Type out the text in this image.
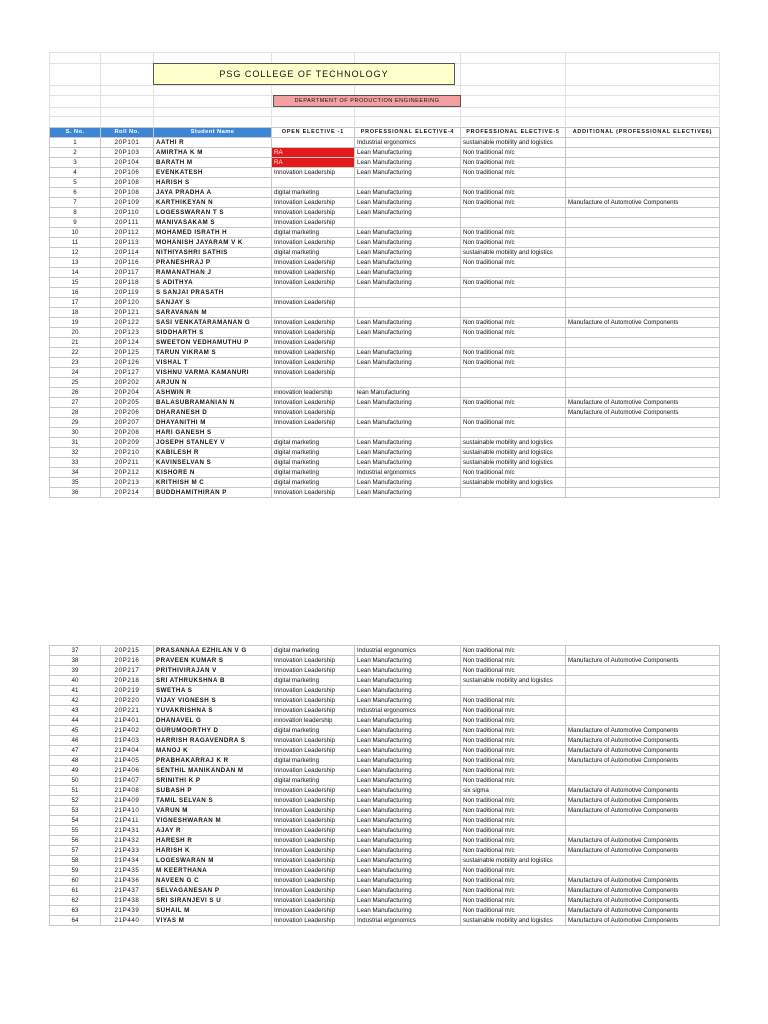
PSG COLLEGE OF TECHNOLOGY
DEPARTMENT OF PRODUCTION ENGINEERING
S. No.	Roll No.	Student Name	OPEN ELECTIVE -1	PROFESSIONAL ELECTIVE-4	PROFESSIONAL ELECTIVE-5	ADDITIONAL (PROFESSIONAL ELECTIVE6)
1	20P101	AATHI R		Industrial ergonomics	sustainable mobility and logistics	
2	20P103	AMIRTHA K M	RA	Lean Manufacturing	Non traditional m/c	
3	20P104	BARATH M	RA	Lean Manufacturing	Non traditional m/c	
4	20P106	EVENKATESH	Innovation Leadership	Lean Manufacturing	Non traditional m/c	
5	20P108	HARISH S				
6	20P108	JAYA PRADHA A	digital marketing	Lean Manufacturing	Non traditional m/c	
7	20P109	KARTHIKEYAN N	Innovation Leadership	Lean Manufacturing	Non traditional m/c	Manufacture of Automotive Components
8	20P110	LOGESSWARAN T S	Innovation Leadership	Lean Manufacturing		
9	20P111	MANIVASAKAM S	Innovation Leadership			
10	20P112	MOHAMED ISRATH H	digital marketing	Lean Manufacturing	Non traditional m/c	
11	20P113	MOHANISH JAYARAM V K	Innovation Leadership	Lean Manufacturing	Non traditional m/c	
12	20P114	NITHIYASHRI SATHIS	digital marketing	Lean Manufacturing	sustainable mobility and logistics	
13	20P116	PRANESHRAJ P	Innovation Leadership	Lean Manufacturing	Non traditional m/c	
14	20P117	RAMANATHAN J	Innovation Leadership	Lean Manufacturing		
15	20P118	S ADITHYA	Innovation Leadership	Lean Manufacturing	Non traditional m/c	
16	20P119	S SANJAI PRASATH				
17	20P120	SANJAY S	Innovation Leadership			
18	20P121	SARAVANAN M				
19	20P122	SASI VENKATARAMANAN G	Innovation Leadership	Lean Manufacturing	Non traditional m/c	Manufacture of Automotive Components
20	20P123	SIDDHARTH S	Innovation Leadership	Lean Manufacturing	Non traditional m/c	
21	20P124	SWEETON VEDHAMUTHU P	Innovation Leadership			
22	20P125	TARUN VIKRAM S	Innovation Leadership	Lean Manufacturing	Non traditional m/c	
23	20P126	VISHAL T	Innovation Leadership	Lean Manufacturing	Non traditional m/c	
24	20P127	VISHNU VARMA KAMANURI	Innovation Leadership			
25	20P202	ARJUN N				
26	20P204	ASHWIN R	innovation leadership	lean Manufacturing		
27	20P205	BALASUBRAMANIAN N	Innovation Leadership	Lean Manufacturing	Non traditional m/c	Manufacture of Automotive Components
28	20P206	DHARANESH D	Innovation Leadership			Manufacture of Automotive Components
29	20P207	DHAYANITHI M	Innovation Leadership	Lean Manufacturing	Non traditional m/c	
30	20P208	HARI GANESH S				
31	20P209	JOSEPH STANLEY V	digital marketing	Lean Manufacturing	sustainable mobility and logistics	
32	20P210	KABILESH R	digital marketing	Lean Manufacturing	sustainable mobility and logistics	
33	20P211	KAVINSELVAN S	digital marketing	Lean Manufacturing	sustainable mobility and logistics	
34	20P212	KISHORE N	digital marketing	Industrial ergonomics	Non traditional m/c	
35	20P213	KRITHISH M C	digital marketing	Lean Manufacturing	sustainable mobility and logistics	
36	20P214	BUDDHAMITHIRAN P	Innovation Leadership	Lean Manufacturing		
37	20P215	PRASANNAA EZHILAN V G	digital marketing	Industrial ergonomics	Non traditional m/c	
38	20P216	PRAVEEN KUMAR S	Innovation Leadership	Lean Manufacturing	Non traditional m/c	Manufacture of Automotive Components
39	20P217	PRITHIVIRAJAN V	Innovation Leadership	Lean Manufacturing	Non traditional m/c	
40	20P218	SRI ATHRUKSHNA B	digital marketing	Lean Manufacturing	sustainable mobility and logistics	
41	20P219	SWETHA S	Innovation Leadership	Lean Manufacturing		
42	20P220	VIJAY VIGNESH S	Innovation Leadership	Lean Manufacturing	Non traditional m/c	
43	20P221	YUVAKRISHNA S	Innovation Leadership	Industrial ergonomics	Non traditional m/c	
44	21P401	DHANAVEL G	innovation leadership	Lean Manufacturing	Non traditional m/c	
45	21P402	GURUMOORTHY D	digital marketing	Lean Manufacturing	Non traditional m/c	Manufacture of Automotive Components
46	21P403	HARRISH RAGAVENDRA S	Innovation Leadership	Lean Manufacturing	Non traditional m/c	Manufacture of Automotive Components
47	21P404	MANOJ K	Innovation Leadership	Lean Manufacturing	Non traditional m/c	Manufacture of Automotive Components
48	21P405	PRABHAKARRAJ K R	digital marketing	Lean Manufacturing	Non traditional m/c	Manufacture of Automotive Components
49	21P406	SENTHIL MANIKANDAN M	Innovation Leadership	Lean Manufacturing	Non traditional m/c	
50	21P407	SRINITHI K P	digital marketing	Lean Manufacturing	Non traditional m/c	
51	21P408	SUBASH P	Innovation Leadership	Lean Manufacturing	six sigma	Manufacture of Automotive Components
52	21P409	TAMIL SELVAN S	Innovation Leadership	Lean Manufacturing	Non traditional m/c	Manufacture of Automotive Components
53	21P410	VARUN M	Innovation Leadership	Lean Manufacturing	Non traditional m/c	Manufacture of Automotive Components
54	21P411	VIGNESHWARAN M	Innovation Leadership	Lean Manufacturing	Non traditional m/c	
55	21P431	AJAY R	Innovation Leadership	Lean Manufacturing	Non traditional m/c	
56	21P432	HARESH R	Innovation Leadership	Lean Manufacturing	Non traditional m/c	Manufacture of Automotive Components
57	21P433	HARISH K	Innovation Leadership	Lean Manufacturing	Non traditional m/c	Manufacture of Automotive Components
58	21P434	LOGESWARAN M	Innovation Leadership	Lean Manufacturing	sustainable mobility and logistics	
59	21P435	M KEERTHANA	Innovation Leadership	Lean Manufacturing	Non traditional m/c	
60	21P436	NAVEEN G C	Innovation Leadership	Lean Manufacturing	Non traditional m/c	Manufacture of Automotive Components
61	21P437	SELVAGANESAN P	Innovation Leadership	Lean Manufacturing	Non traditional m/c	Manufacture of Automotive Components
62	21P438	SRI SIRANJEVI S U	Innovation Leadership	Lean Manufacturing	Non traditional m/c	Manufacture of Automotive Components
63	21P439	SUHAIL M	Innovation Leadership	Lean Manufacturing	Non traditional m/c	Manufacture of Automotive Components
64	21P440	VIYAS M	Innovation Leadership	Industrial ergonomics	sustainable mobility and logistics	Manufacture of Automotive Components
